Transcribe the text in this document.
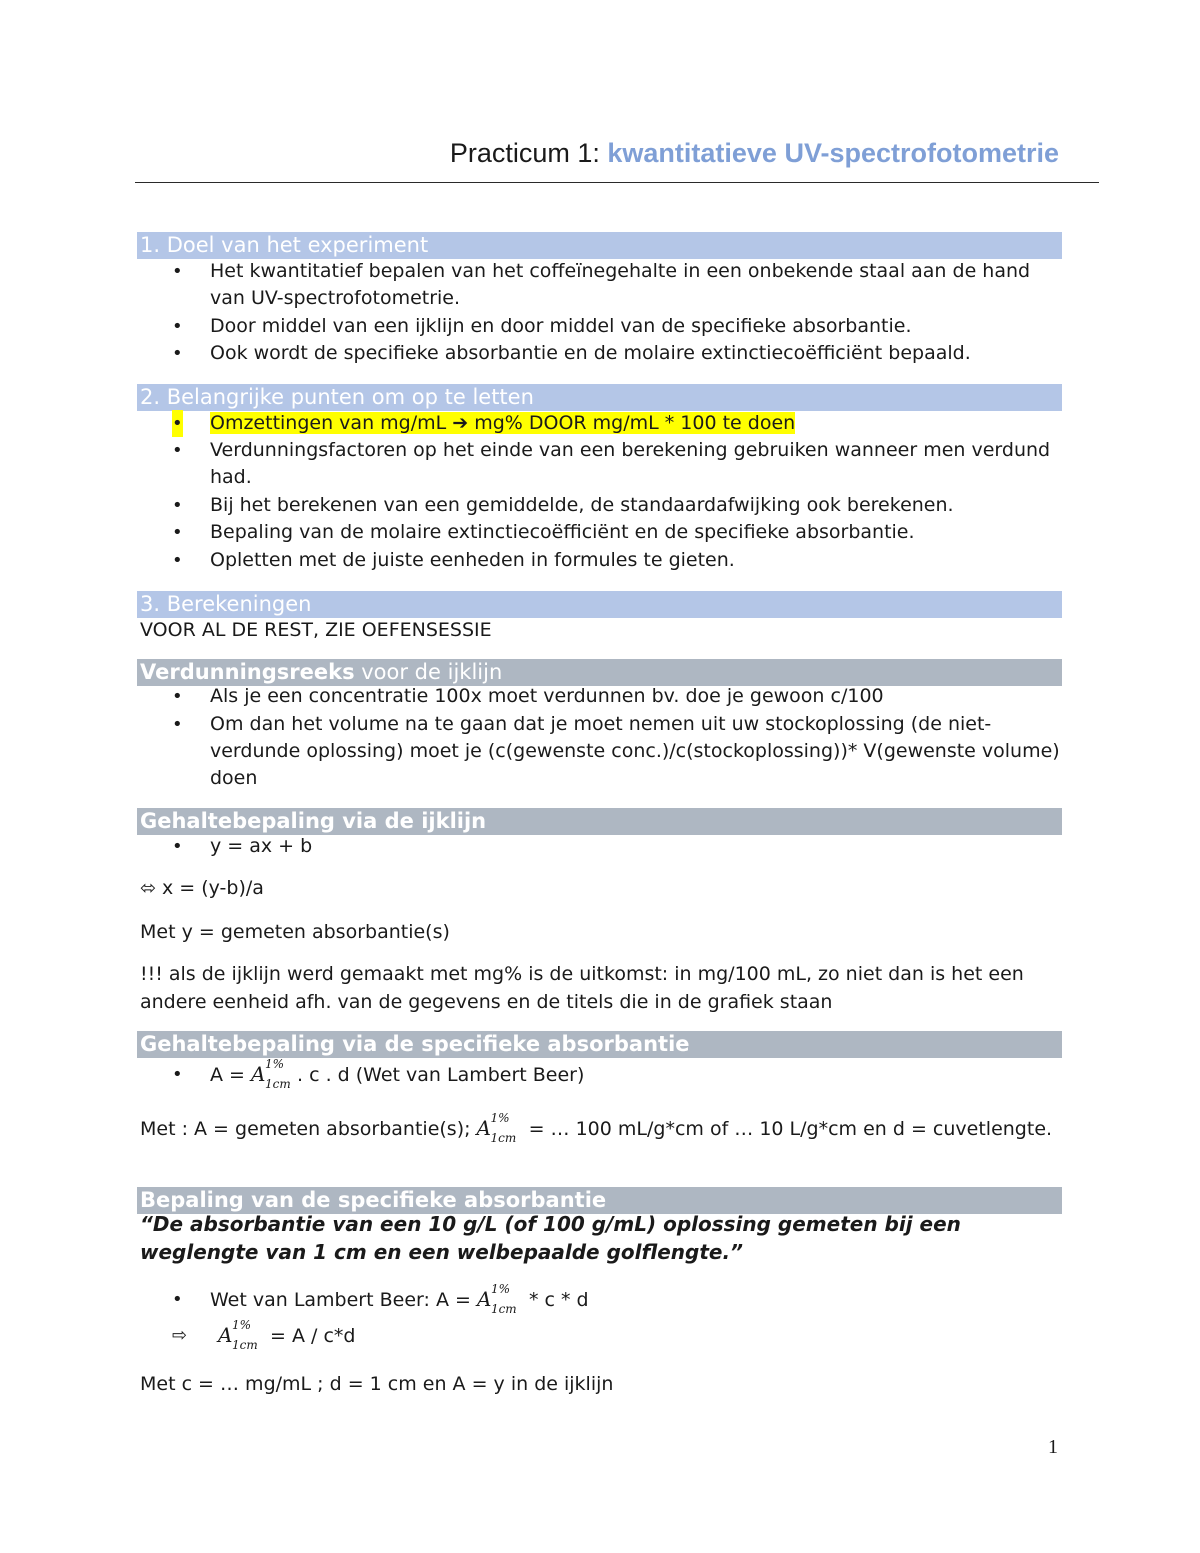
Practicum 1: kwantitatieve UV-spectrofotometrie
1. Doel van het experiment
• Het kwantitatief bepalen van het coffeïnegehalte in een onbekende staal aan de hand van UV-spectrofotometrie.
• Door middel van een ijklijn en door middel van de specifieke absorbantie.
• Ook wordt de specifieke absorbantie en de molaire extinctiecoëfficiënt bepaald.
2. Belangrijke punten om op te letten
• Omzettingen van mg/mL ➔ mg% DOOR mg/mL * 100 te doen
• Verdunningsfactoren op het einde van een berekening gebruiken wanneer men verdund had.
• Bij het berekenen van een gemiddelde, de standaardafwijking ook berekenen.
• Bepaling van de molaire extinctiecoëfficiënt en de specifieke absorbantie.
• Opletten met de juiste eenheden in formules te gieten.
3. Berekeningen
VOOR AL DE REST, ZIE OEFENSESSIE
Verdunningsreeks voor de ijklijn
• Als je een concentratie 100x moet verdunnen bv. doe je gewoon c/100
• Om dan het volume na te gaan dat je moet nemen uit uw stockoplossing (de niet-verdunde oplossing) moet je (c(gewenste conc.)/c(stockoplossing))* V(gewenste volume) doen
Gehaltebepaling via de ijklijn
• y = ax + b
⬄ x = (y-b)/a
Met y = gemeten absorbantie(s)
!!! als de ijklijn werd gemaakt met mg% is de uitkomst: in mg/100 mL, zo niet dan is het een andere eenheid afh. van de gegevens en de titels die in de grafiek staan
Gehaltebepaling via de specifieke absorbantie
• A = A 1%
1cm . c . d (Wet van Lambert Beer)
Met : A = gemeten absorbantie(s); A 1%
1cm = … 100 mL/g*cm of … 10 L/g*cm en d = cuvetlengte.
Bepaling van de specifieke absorbantie
“De absorbantie van een 10 g/L (of 100 g/mL) oplossing gemeten bij een weglengte van 1 cm en een welbepaalde golflengte.”
• Wet van Lambert Beer: A = A 1%
1cm * c * d
⇨ A 1%
1cm = A / c*d
Met c = … mg/mL ; d = 1 cm en A = y in de ijklijn
1
